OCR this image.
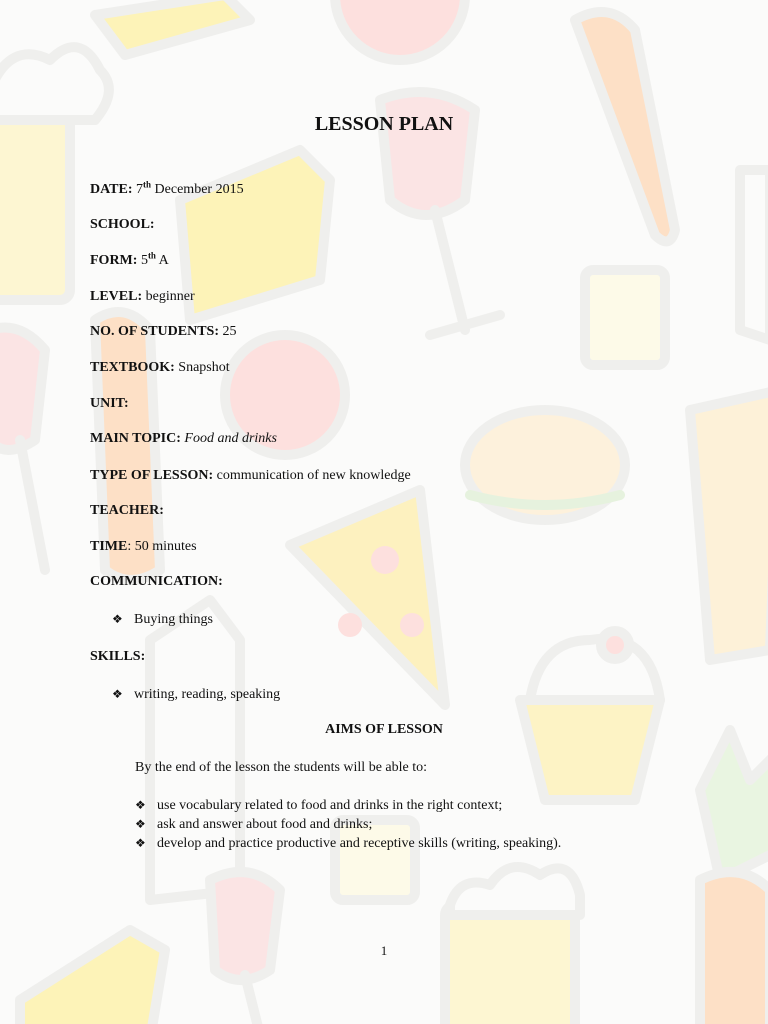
LESSON PLAN
DATE: 7th December 2015
SCHOOL:
FORM: 5th A
LEVEL: beginner
NO. OF STUDENTS: 25
TEXTBOOK: Snapshot
UNIT:
MAIN TOPIC: Food and drinks
TYPE OF LESSON: communication of new knowledge
TEACHER:
TIME: 50 minutes
COMMUNICATION:
❖ Buying things
SKILLS:
❖ writing, reading, speaking
AIMS OF LESSON
By the end of the lesson the students will be able to:
❖ use vocabulary related to food and drinks in the right context;
❖ ask and answer about food and drinks;
❖ develop and practice productive and receptive skills (writing, speaking).
1
